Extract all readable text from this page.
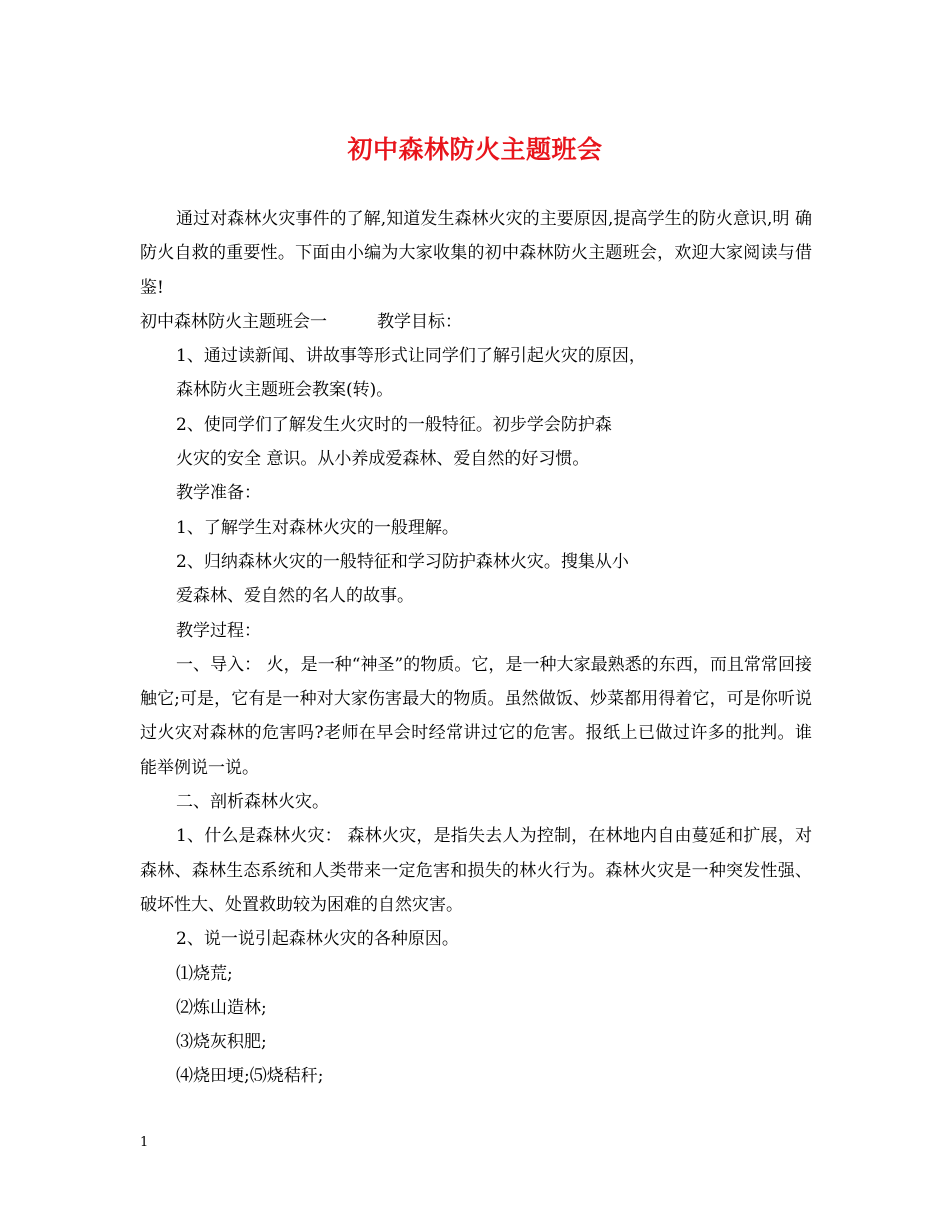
初中森林防火主题班会

通过对森林火灾事件的了解,知道发生森林火灾的主要原因,提高学生的防火意识,明 确防火自救的重要性。下面由小编为大家收集的初中森林防火主题班会，欢迎大家阅读与借鉴!

初中森林防火主题班会一	教学目标：

1、通过读新闻、讲故事等形式让同学们了解引起火灾的原因，

森林防火主题班会教案(转)。

2、使同学们了解发生火灾时的一般特征。初步学会防护森

火灾的安全 意识。从小养成爱森林、爱自然的好习惯。

教学准备：

1、了解学生对森林火灾的一般理解。

2、归纳森林火灾的一般特征和学习防护森林火灾。搜集从小

爱森林、爱自然的名人的故事。

教学过程：

一、导入： 火，是一种“神圣”的物质。它，是一种大家最熟悉的东西，而且常常回接触它;可是，它有是一种对大家伤害最大的物质。虽然做饭、炒菜都用得着它，可是你听说过火灾对森林的危害吗?老师在早会时经常讲过它的危害。报纸上已做过许多的批判。谁能举例说一说。

二、剖析森林火灾。

1、什么是森林火灾： 森林火灾，是指失去人为控制，在林地内自由蔓延和扩展，对森林、森林生态系统和人类带来一定危害和损失的林火行为。森林火灾是一种突发性强、破坏性大、处置救助较为困难的自然灾害。

2、说一说引起森林火灾的各种原因。

⑴烧荒;

⑵炼山造林;

⑶烧灰积肥;

⑷烧田埂;⑸烧秸秆;

1
